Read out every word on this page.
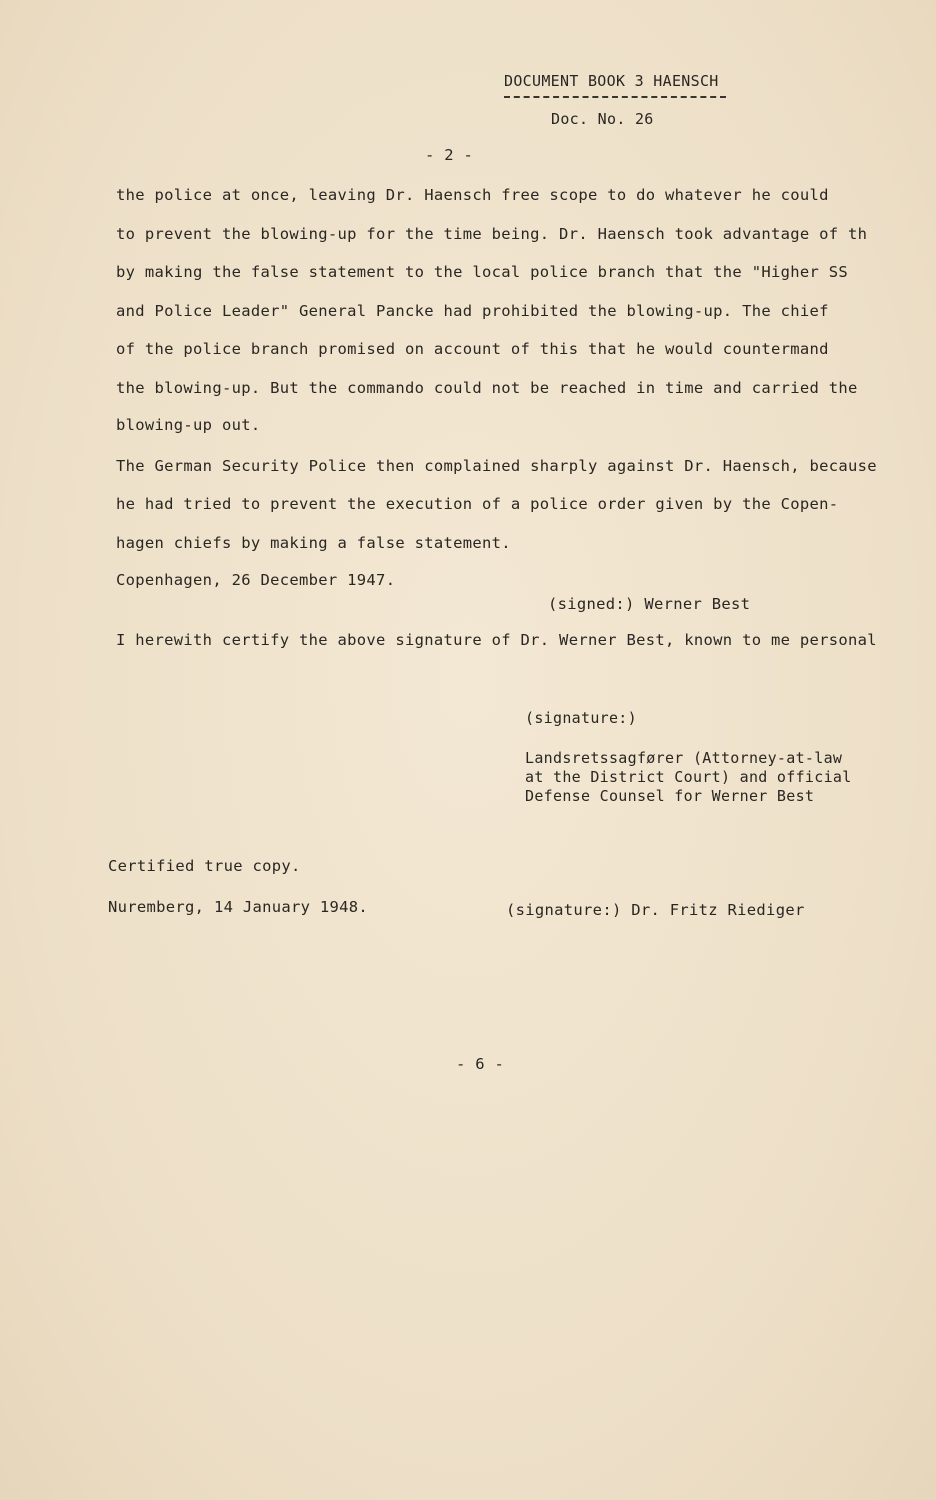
DOCUMENT BOOK 3 HAENSCH
Doc. No. 26
- 2 -
the police at once, leaving Dr. Haensch free scope to do whatever he could
to prevent the blowing-up for the time being. Dr. Haensch took advantage of th
by making the false statement to the local police branch that the "Higher SS
and Police Leader" General Pancke had prohibited the blowing-up. The chief
of the police branch promised on account of this that he would countermand
the blowing-up. But the commando could not be reached in time and carried the
blowing-up out.
The German Security Police then complained sharply against Dr. Haensch, because
he had tried to prevent the execution of a police order given by the Copen-
hagen chiefs by making a false statement.
Copenhagen, 26 December 1947.
(signed:) Werner Best
I herewith certify the above signature of Dr. Werner Best, known to me personal
(signature:)
Landsretssagfører (Attorney-at-law
at the District Court) and official
Defense Counsel for Werner Best
Certified true copy.
Nuremberg, 14 January 1948.	(signature:) Dr. Fritz Riediger
- 6 -
